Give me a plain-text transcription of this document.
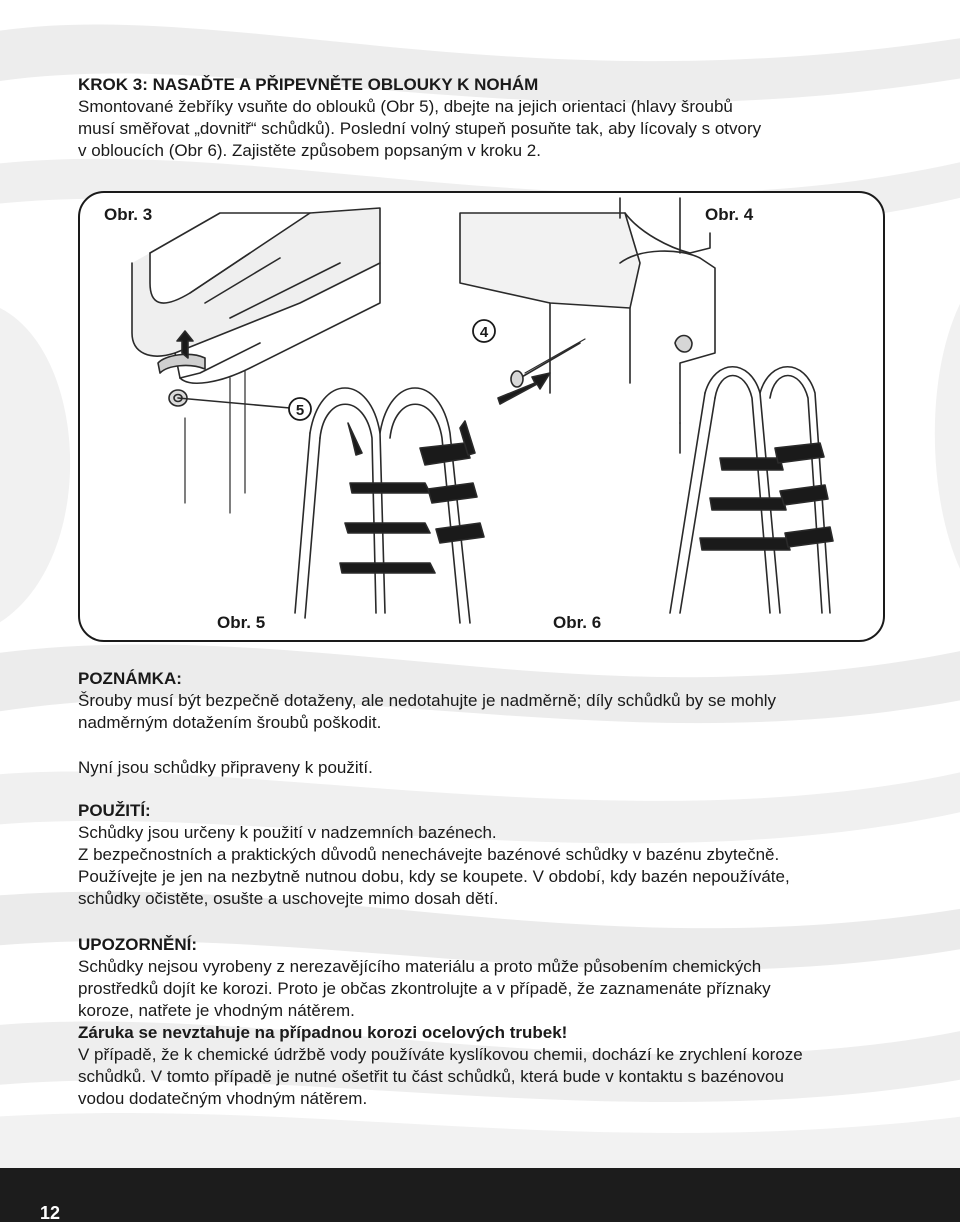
KROK 3: NASAĎTE A PŘIPEVNĚTE OBLOUKY K NOHÁM

Smontované žebříky vsuňte do oblouků (Obr 5), dbejte na jejich orientaci (hlavy šroubů

musí směřovat „dovnitř“ schůdků). Poslední volný stupeň posuňte tak, aby lícovaly s otvory

v obloucích (Obr 6). Zajistěte způsobem popsaným v kroku 2.

POZNÁMKA:

Šrouby musí být bezpečně dotaženy, ale nedotahujte je nadměrně; díly schůdků by se mohly

nadměrným dotažením šroubů poškodit.

Nyní jsou schůdky připraveny k použití.

POUŽITÍ:

Schůdky jsou určeny k použití v nadzemních bazénech.

Z bezpečnostních a praktických důvodů nenechávejte bazénové schůdky v bazénu zbytečně.

Používejte je jen na nezbytně nutnou dobu, kdy se koupete. V období, kdy bazén nepoužíváte,

schůdky očistěte, osušte a uschovejte mimo dosah dětí.

UPOZORNĚNÍ:

Schůdky nejsou vyrobeny z nerezavějícího materiálu a proto může působením chemických

prostředků dojít ke korozi. Proto je občas zkontrolujte a v případě, že zaznamenáte příznaky

koroze, natřete je vhodným nátěrem.

Záruka se nevztahuje na případnou korozi ocelových trubek!

V případě, že k chemické údržbě vody používáte kyslíkovou chemii, dochází ke zrychlení koroze

schůdků. V tomto případě je nutné ošetřit tu část schůdků, která bude v kontaktu s bazénovou

vodou dodatečným vhodným nátěrem.

5
4
Obr. 3	Obr. 4
Obr. 5	Obr. 6
12
